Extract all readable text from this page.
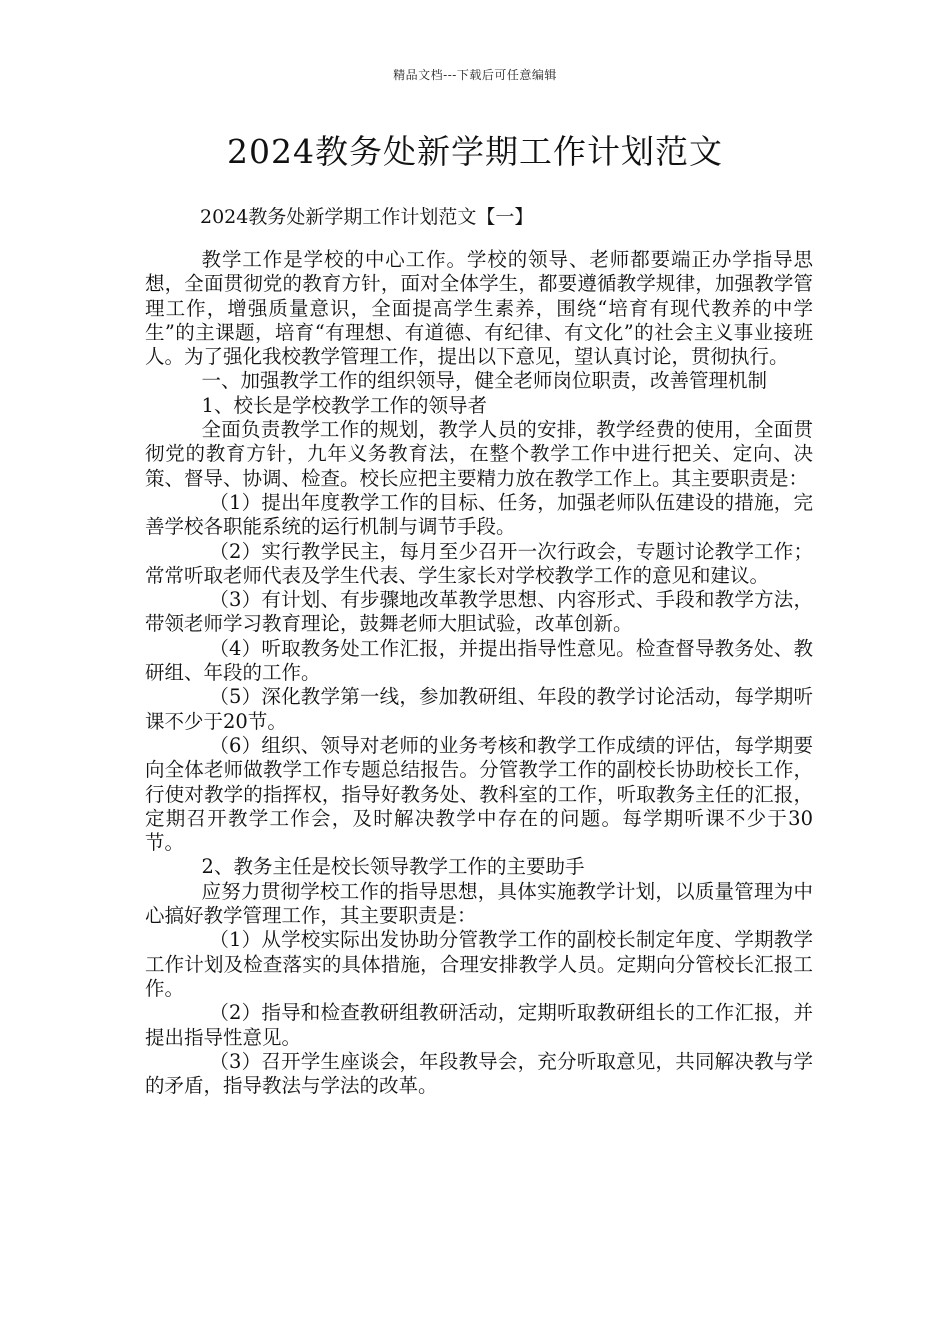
精品文档---下载后可任意编辑
2024教务处新学期工作计划范文
2024教务处新学期工作计划范文【一】

教学工作是学校的中心工作。学校的领导、老师都要端正办学指导思想，全面贯彻党的教育方针，面对全体学生，都要遵循教学规律，加强教学管理工作，增强质量意识，全面提高学生素养，围绕“培育有现代教养的中学生”的主课题，培育“有理想、有道德、有纪律、有文化”的社会主义事业接班人。为了强化我校教学管理工作，提出以下意见，望认真讨论，贯彻执行。

一、加强教学工作的组织领导，健全老师岗位职责，改善管理机制

1、校长是学校教学工作的领导者

全面负责教学工作的规划，教学人员的安排，教学经费的使用，全面贯彻党的教育方针，九年义务教育法，在整个教学工作中进行把关、定向、决策、督导、协调、检查。校长应把主要精力放在教学工作上。其主要职责是：

（1）提出年度教学工作的目标、任务，加强老师队伍建设的措施，完善学校各职能系统的运行机制与调节手段。

（2）实行教学民主，每月至少召开一次行政会，专题讨论教学工作；常常听取老师代表及学生代表、学生家长对学校教学工作的意见和建议。

（3）有计划、有步骤地改革教学思想、内容形式、手段和教学方法，带领老师学习教育理论，鼓舞老师大胆试验，改革创新。

（4）听取教务处工作汇报，并提出指导性意见。检查督导教务处、教研组、年段的工作。

（5）深化教学第一线，参加教研组、年段的教学讨论活动，每学期听课不少于20节。

（6）组织、领导对老师的业务考核和教学工作成绩的评估，每学期要向全体老师做教学工作专题总结报告。分管教学工作的副校长协助校长工作，行使对教学的指挥权，指导好教务处、教科室的工作，听取教务主任的汇报，定期召开教学工作会，及时解决教学中存在的问题。每学期听课不少于30节。

2、教务主任是校长领导教学工作的主要助手

应努力贯彻学校工作的指导思想，具体实施教学计划，以质量管理为中心搞好教学管理工作，其主要职责是：

（1）从学校实际出发协助分管教学工作的副校长制定年度、学期教学工作计划及检查落实的具体措施，合理安排教学人员。定期向分管校长汇报工作。

（2）指导和检查教研组教研活动，定期听取教研组长的工作汇报，并提出指导性意见。

（3）召开学生座谈会，年段教导会，充分听取意见，共同解决教与学的矛盾，指导教法与学法的改革。
